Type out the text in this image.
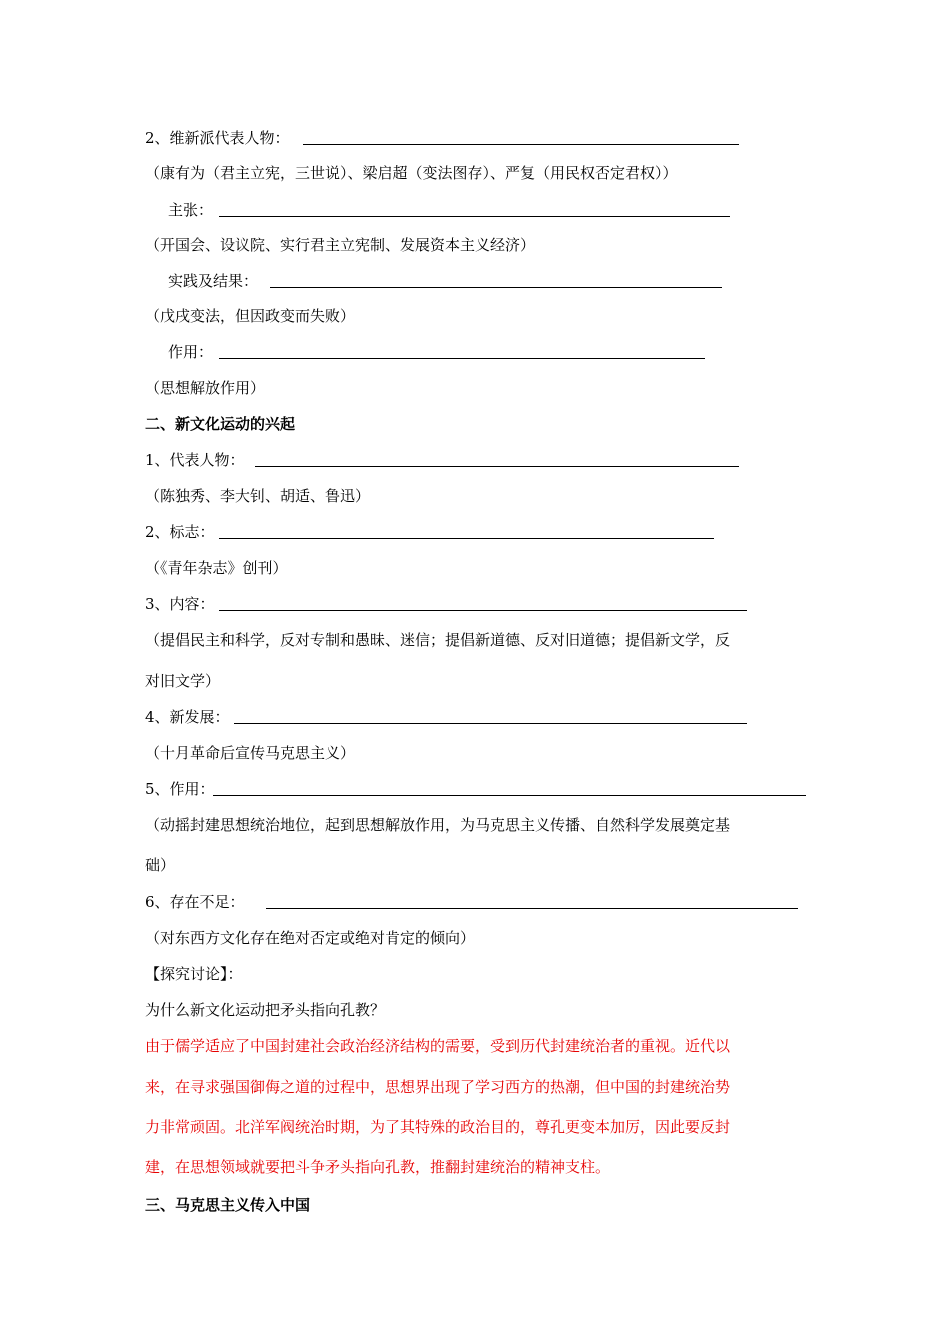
2、维新派代表人物：
（康有为（君主立宪，三世说）、梁启超（变法图存）、严复（用民权否定君权））
主张：
（开国会、设议院、实行君主立宪制、发展资本主义经济）
实践及结果：
（戊戌变法，但因政变而失败）
作用：
（思想解放作用）
二、新文化运动的兴起
1、代表人物：
（陈独秀、李大钊、胡适、鲁迅）
2、标志：
（《青年杂志》创刊）
3、内容：
（提倡民主和科学，反对专制和愚昧、迷信；提倡新道德、反对旧道德；提倡新文学，反
对旧文学）
4、新发展：
（十月革命后宣传马克思主义）
5、作用：
（动摇封建思想统治地位，起到思想解放作用，为马克思主义传播、自然科学发展奠定基
础）
6、存在不足：
（对东西方文化存在绝对否定或绝对肯定的倾向）
【探究讨论】：
为什么新文化运动把矛头指向孔教？
由于儒学适应了中国封建社会政治经济结构的需要，受到历代封建统治者的重视。近代以
来，在寻求强国御侮之道的过程中，思想界出现了学习西方的热潮，但中国的封建统治势
力非常顽固。北洋军阀统治时期，为了其特殊的政治目的，尊孔更变本加厉，因此要反封
建，在思想领域就要把斗争矛头指向孔教，推翻封建统治的精神支柱。
三、马克思主义传入中国
